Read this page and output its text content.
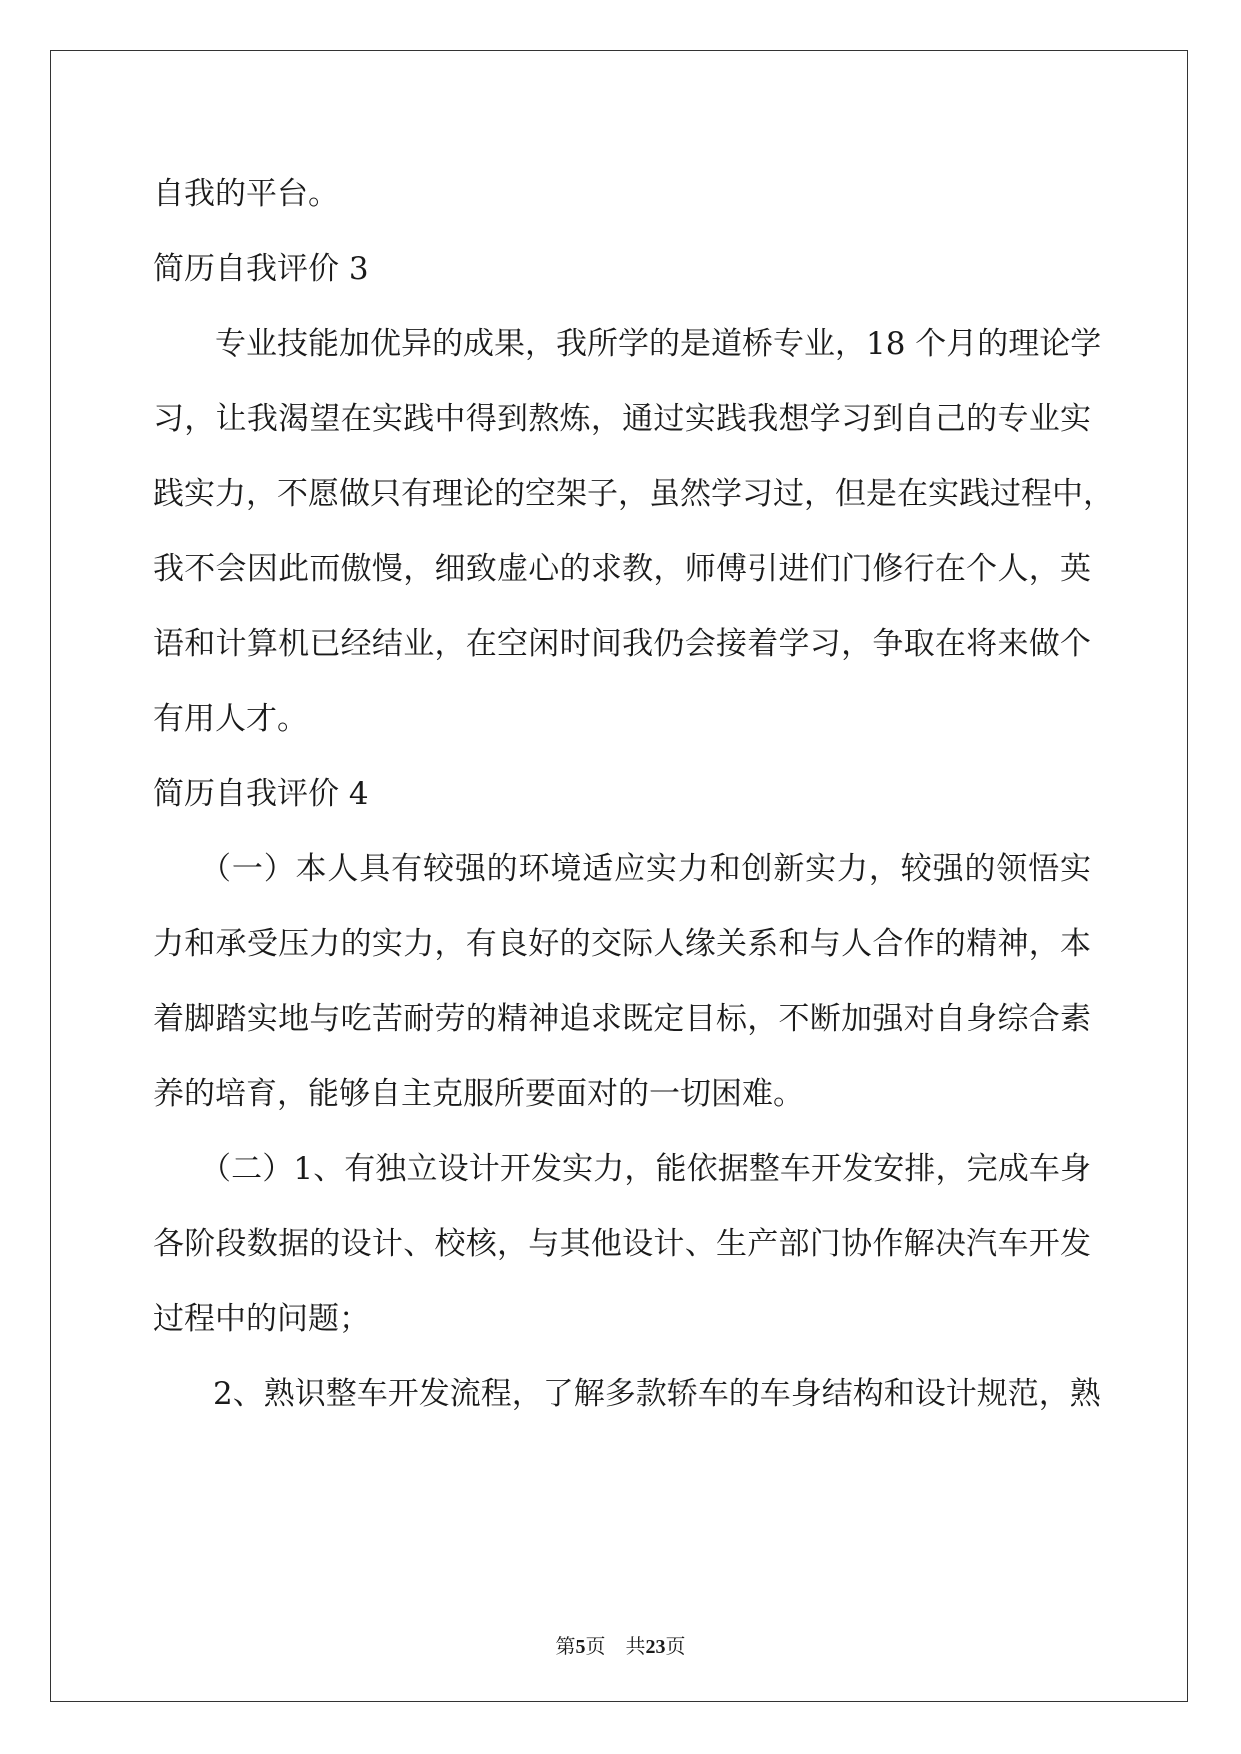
自我的平台。

简历自我评价 3

专业技能加优异的成果，我所学的是道桥专业，18 个月的理论学

习，让我渴望在实践中得到熬炼，通过实践我想学习到自己的专业实

践实力，不愿做只有理论的空架子，虽然学习过，但是在实践过程中，

我不会因此而傲慢，细致虚心的求教，师傅引进们门修行在个人，英

语和计算机已经结业，在空闲时间我仍会接着学习，争取在将来做个

有用人才。

简历自我评价 4

（一）本人具有较强的环境适应实力和创新实力，较强的领悟实

力和承受压力的实力，有良好的交际人缘关系和与人合作的精神，本

着脚踏实地与吃苦耐劳的精神追求既定目标，不断加强对自身综合素

养的培育，能够自主克服所要面对的一切困难。

（二）1、有独立设计开发实力，能依据整车开发安排，完成车身

各阶段数据的设计、校核，与其他设计、生产部门协作解决汽车开发

过程中的问题；

2、熟识整车开发流程，了解多款轿车的车身结构和设计规范，熟

第5页 共23页
